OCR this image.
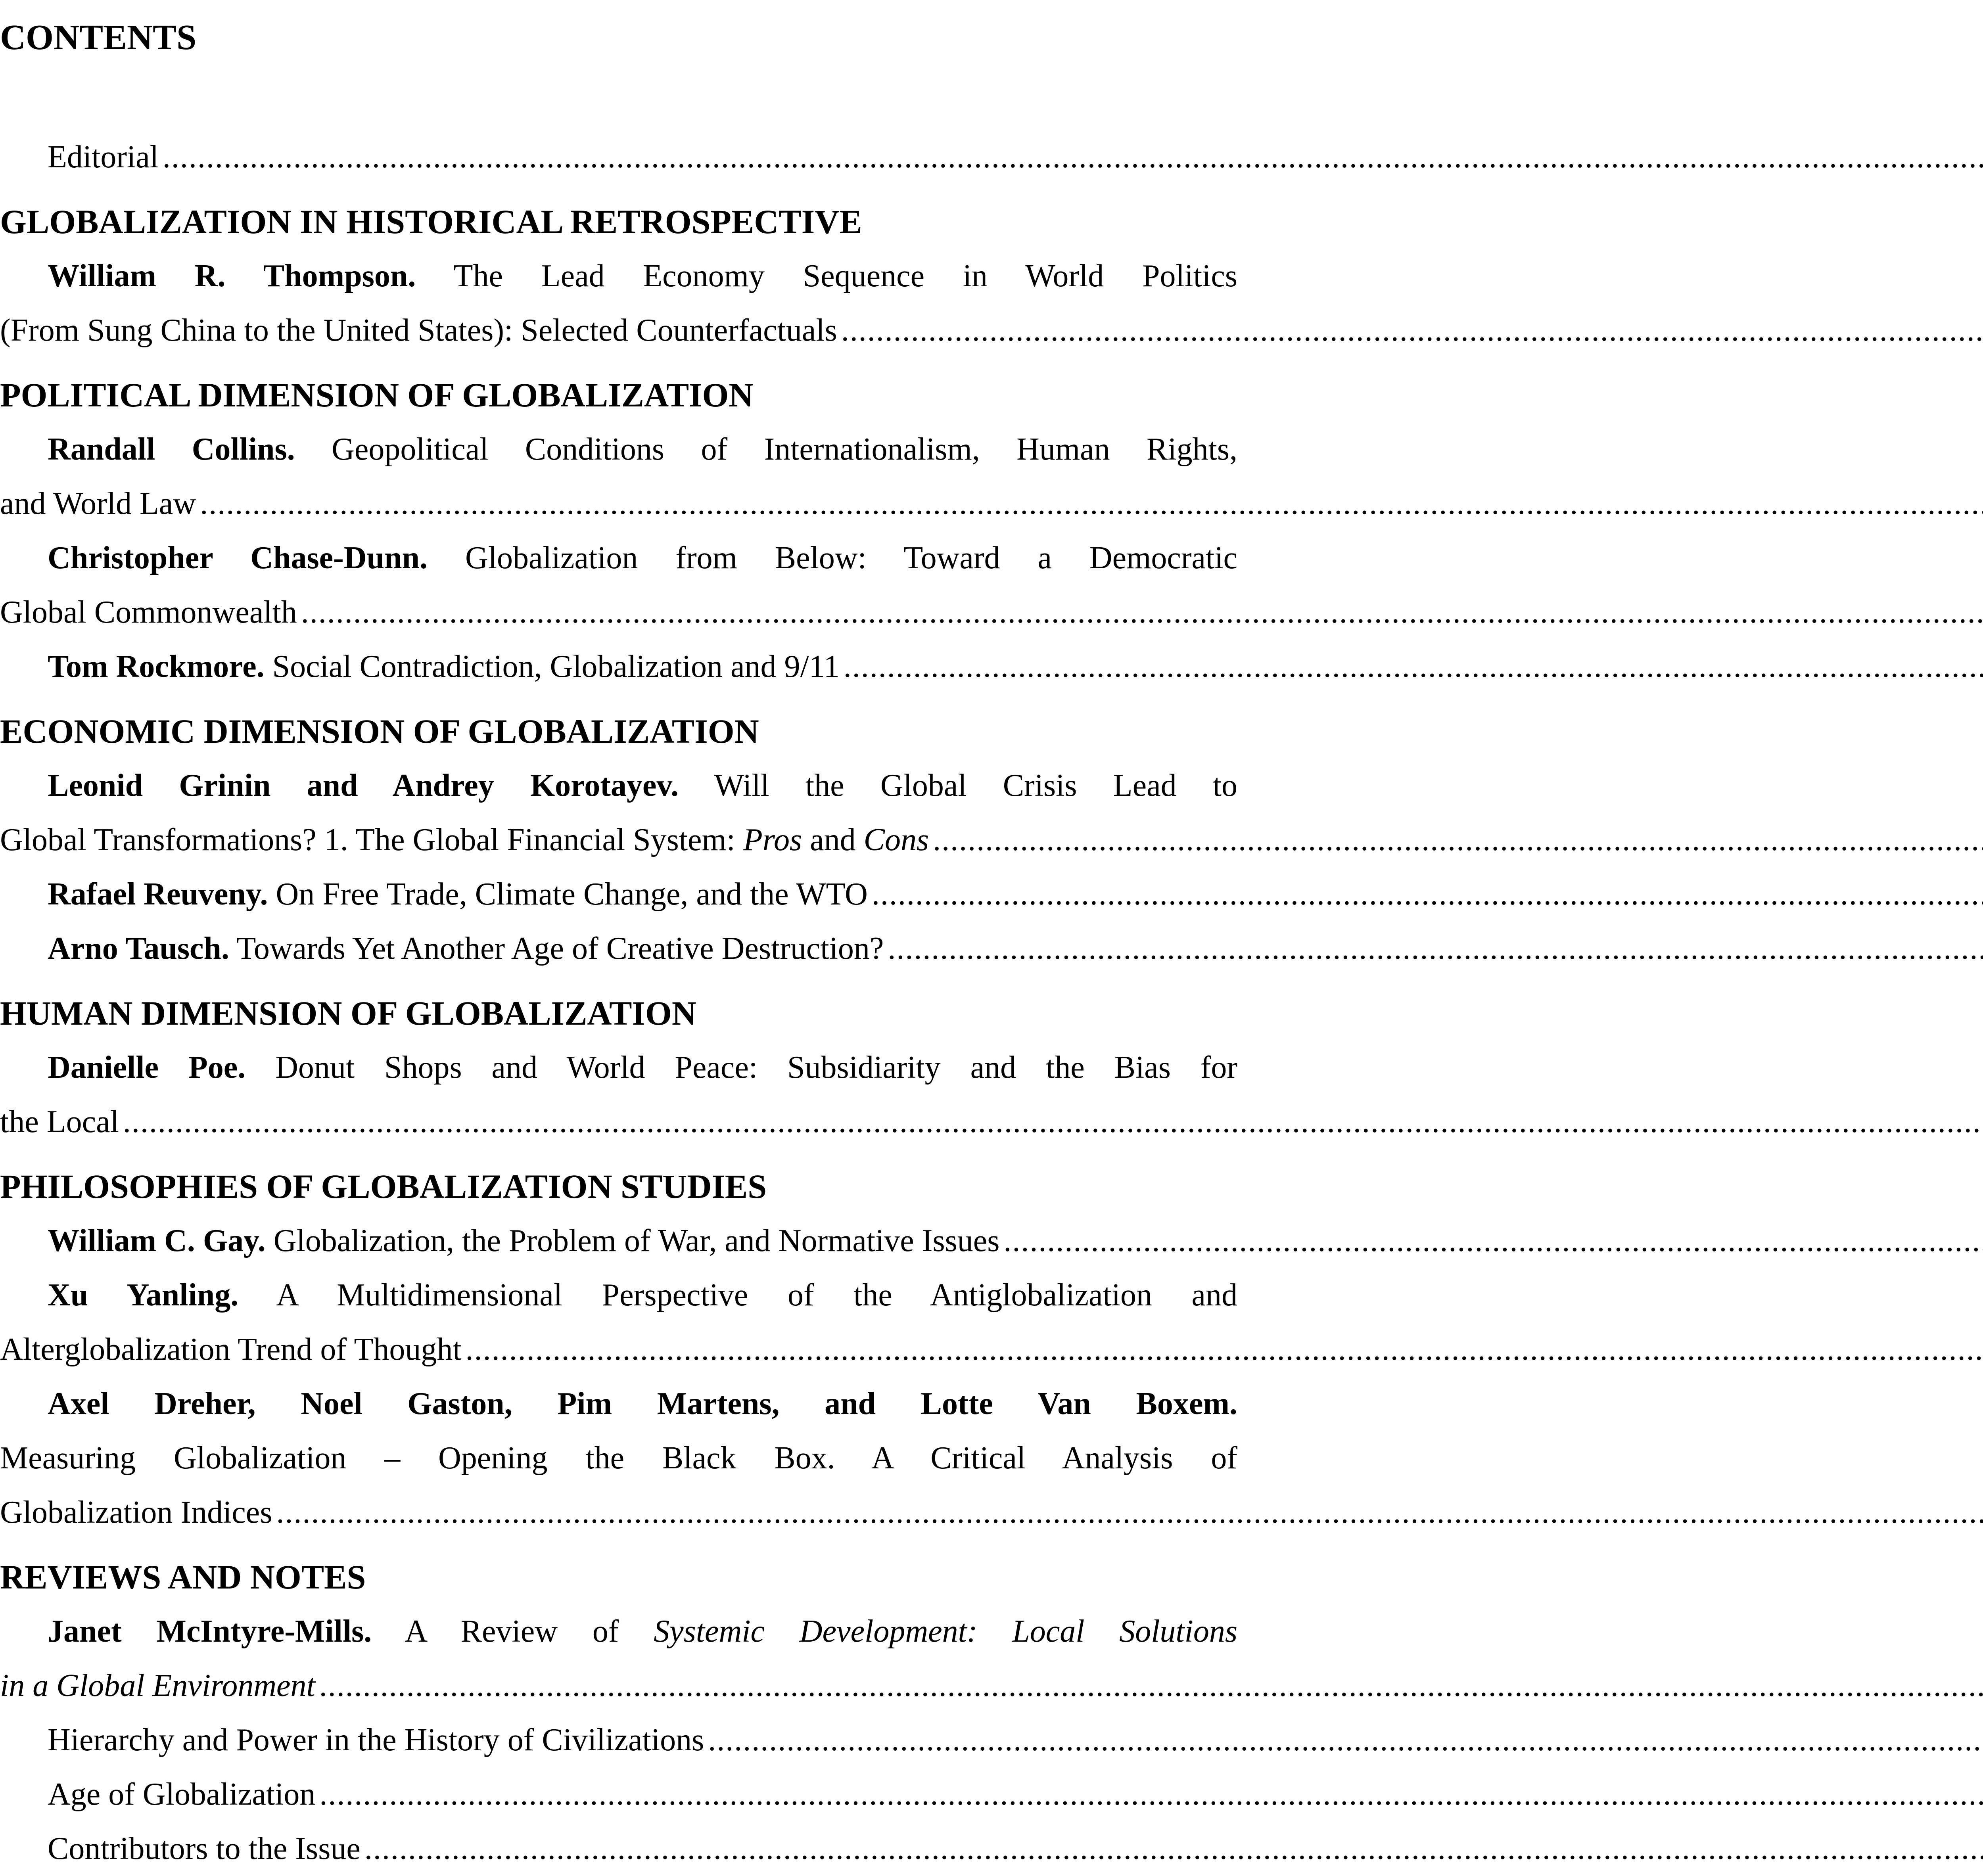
CONTENTS
Editorial
.....
GLOBALIZATION IN HISTORICAL RETROSPECTIVE
William R. Thompson. The Lead Economy Sequence in World Politics
(From Sung China to the United States): Selected Counterfactuals
.....
POLITICAL DIMENSION OF GLOBALIZATION
Randall Collins. Geopolitical Conditions of Internationalism, Human Rights,
and World Law
.....
Christopher Chase-Dunn. Globalization from Below: Toward a Democratic
Global Commonwealth
.....
Tom Rockmore. Social Contradiction, Globalization and 9/11
.....
ECONOMIC DIMENSION OF GLOBALIZATION
Leonid Grinin and Andrey Korotayev. Will the Global Crisis Lead to
Global Transformations? 1. The Global Financial System: Pros and Cons
.....
Rafael Reuveny. On Free Trade, Climate Change, and the WTO
.....
Arno Tausch. Towards Yet Another Age of Creative Destruction?
.....
HUMAN DIMENSION OF GLOBALIZATION
Danielle Poe. Donut Shops and World Peace: Subsidiarity and the Bias for
the Local
.....
PHILOSOPHIES OF GLOBALIZATION STUDIES
William C. Gay. Globalization, the Problem of War, and Normative Issues
.....
Xu Yanling. A Multidimensional Perspective of the Antiglobalization and
Alterglobalization Trend of Thought
.....
Axel Dreher, Noel Gaston, Pim Martens, and Lotte Van Boxem.
Measuring Globalization – Opening the Black Box. A Critical Analysis of
Globalization Indices
.....
REVIEWS AND NOTES
Janet McIntyre-Mills. A Review of Systemic Development: Local Solutions
in a Global Environment
.....
Hierarchy and Power in the History of Civilizations
.....
Age of Globalization
.....
Contributors to the Issue
.....
